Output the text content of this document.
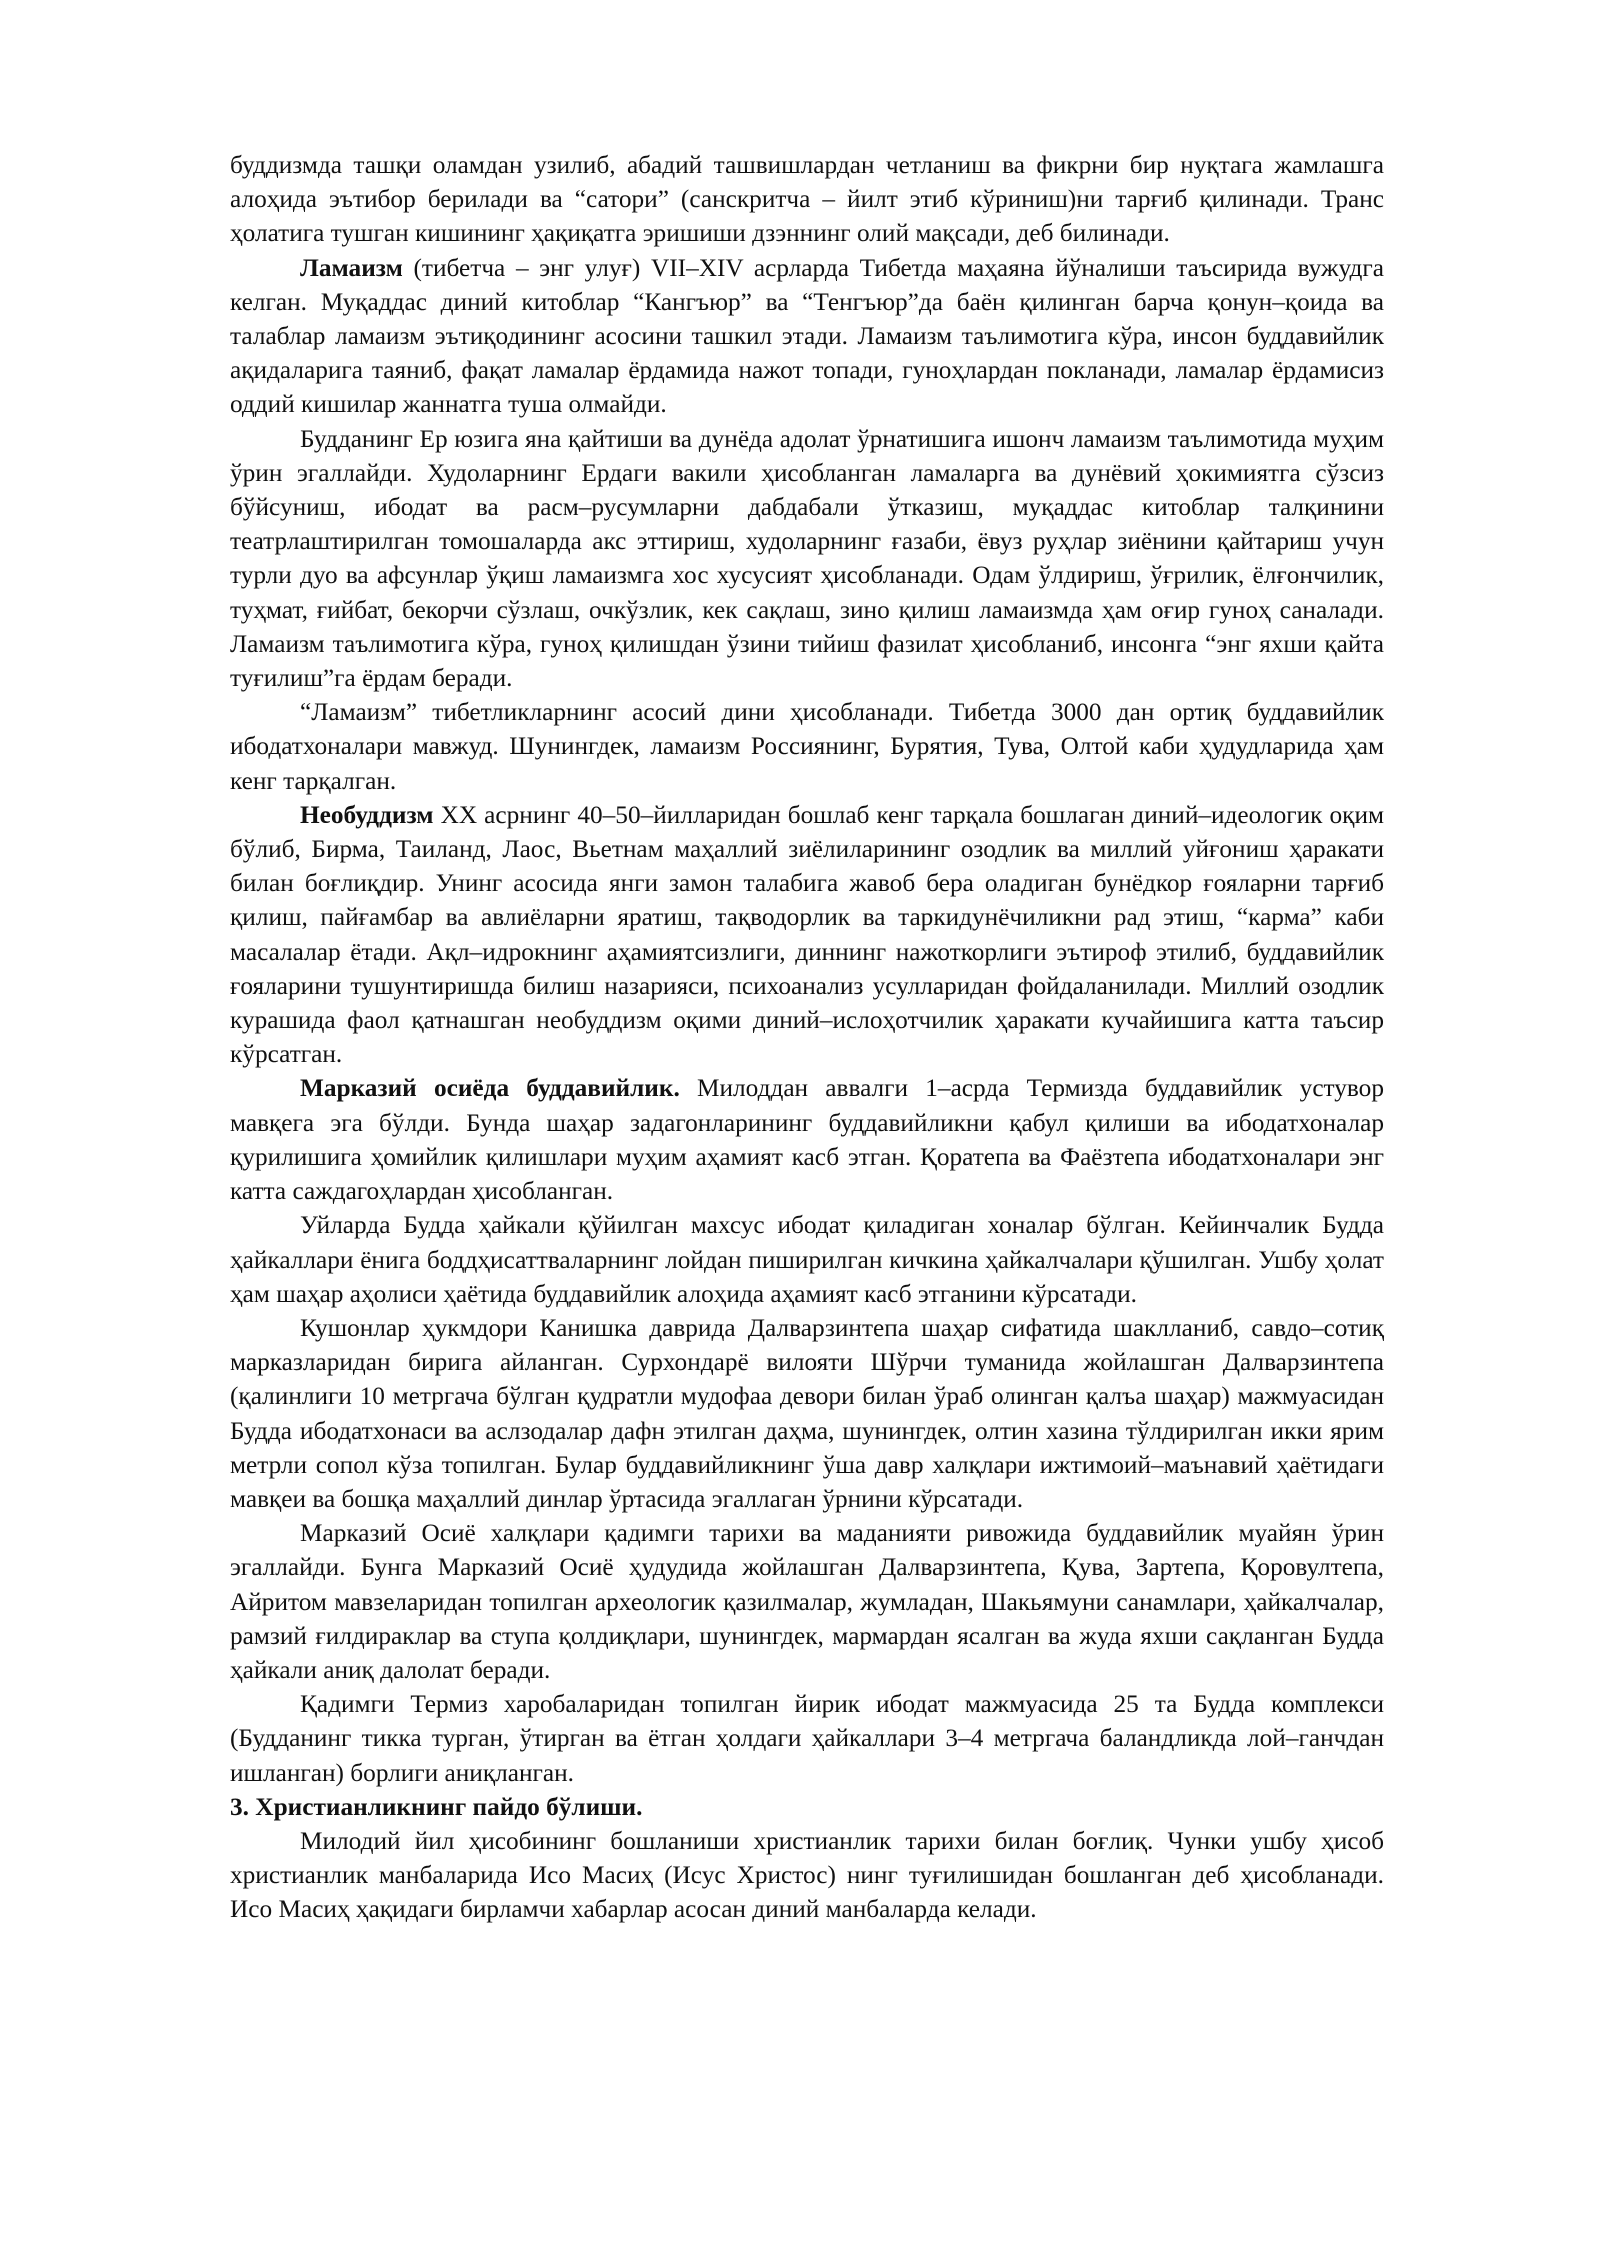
буддизмда ташқи оламдан узилиб, абадий ташвишлардан четланиш ва фикрни бир нуқтага жамлашга алоҳида эътибор берилади ва “сатори” (санскритча – йилт этиб кўриниш)ни тарғиб қилинади. Транс ҳолатига тушган кишининг ҳақиқатга эришиши дзэннинг олий мақсади, деб билинади.

Ламаизм (тибетча – энг улуғ) VII–XIV асрларда Тибетда маҳаяна йўналиши таъсирида вужудга келган. Муқаддас диний китоблар “Кангъюр” ва “Тенгъюр”да баён қилинган барча қонун–қоида ва талаблар ламаизм эътиқодининг асосини ташкил этади. Ламаизм таълимотига кўра, инсон буддавийлик ақидаларига таяниб, фақат ламалар ёрдамида нажот топади, гуноҳлардан покланади, ламалар ёрдамисиз оддий кишилар жаннатга туша олмайди.

Будданинг Ер юзига яна қайтиши ва дунёда адолат ўрнатишига ишонч ламаизм таълимотида муҳим ўрин эгаллайди. Худоларнинг Ердаги вакили ҳисобланган ламаларга ва дунёвий ҳокимиятга сўзсиз бўйсуниш, ибодат ва расм–русумларни дабдабали ўтказиш, муқаддас китоблар талқинини театрлаштирилган томошаларда акс эттириш, худоларнинг ғазаби, ёвуз руҳлар зиёнини қайтариш учун турли дуо ва афсунлар ўқиш ламаизмга хос хусусият ҳисобланади. Одам ўлдириш, ўғрилик, ёлғончилик, туҳмат, ғийбат, бекорчи сўзлаш, очкўзлик, кек сақлаш, зино қилиш ламаизмда ҳам оғир гуноҳ саналади. Ламаизм таълимотига кўра, гуноҳ қилишдан ўзини тийиш фазилат ҳисобланиб, инсонга “энг яхши қайта туғилиш”га ёрдам беради.

“Ламаизм” тибетликларнинг асосий дини ҳисобланади. Тибетда 3000 дан ортиқ буддавийлик ибодатхоналари мавжуд. Шунингдек, ламаизм Россиянинг, Бурятия, Тува, Олтой каби ҳудудларида ҳам кенг тарқалган.

Необуддизм XX асрнинг 40–50–йилларидан бошлаб кенг тарқала бошлаган диний–идеологик оқим бўлиб, Бирма, Таиланд, Лаос, Вьетнам маҳаллий зиёлиларининг озодлик ва миллий уйғониш ҳаракати билан боғлиқдир. Унинг асосида янги замон талабига жавоб бера оладиган бунёдкор ғояларни тарғиб қилиш, пайғамбар ва авлиёларни яратиш, тақводорлик ва таркидунёчиликни рад этиш, “карма” каби масалалар ётади. Ақл–идрокнинг аҳамиятсизлиги, диннинг нажоткорлиги эътироф этилиб, буддавийлик ғояларини тушунтиришда билиш назарияси, психоанализ усулларидан фойдаланилади. Миллий озодлик курашида фаол қатнашган необуддизм оқими диний–ислоҳотчилик ҳаракати кучайишига катта таъсир кўрсатган.

Марказий осиёда буддавийлик. Милоддан аввалги 1–асрда Термизда буддавийлик устувор мавқега эга бўлди. Бунда шаҳар задагонларининг буддавийликни қабул қилиши ва ибодатхоналар қурилишига ҳомийлик қилишлари муҳим аҳамият касб этган. Қоратепа ва Фаёзтепа ибодатхоналари энг катта саждагоҳлардан ҳисобланган.

Уйларда Будда ҳайкали қўйилган махсус ибодат қиладиган хоналар бўлган. Кейинчалик Будда ҳайкаллари ёнига боддҳисаттваларнинг лойдан пиширилган кичкина ҳайкалчалари қўшилган. Ушбу ҳолат ҳам шаҳар аҳолиси ҳаётида буддавийлик алоҳида аҳамият касб этганини кўрсатади.

Кушонлар ҳукмдори Канишка даврида Далварзинтепа шаҳар сифатида шаклланиб, савдо–сотиқ марказларидан бирига айланган. Сурхондарё вилояти Шўрчи туманида жойлашган Далварзинтепа (қалинлиги 10 метргача бўлган қудратли мудофаа девори билан ўраб олинган қалъа шаҳар) мажмуасидан Будда ибодатхонаси ва аслзодалар дафн этилган даҳма, шунингдек, олтин хазина тўлдирилган икки ярим метрли сопол кўза топилган. Булар буддавийликнинг ўша давр халқлари ижтимоий–маънавий ҳаётидаги мавқеи ва бошқа маҳаллий динлар ўртасида эгаллаган ўрнини кўрсатади.

Марказий Осиё халқлари қадимги тарихи ва маданияти ривожида буддавийлик муайян ўрин эгаллайди. Бунга Марказий Осиё ҳудудида жойлашган Далварзинтепа, Қува, Зартепа, Қоровултепа, Айритом мавзеларидан топилган археологик қазилмалар, жумладан, Шакьямуни санамлари, ҳайкалчалар, рамзий ғилдираклар ва ступа қолдиқлари, шунингдек, мармардан ясалган ва жуда яхши сақланган Будда ҳайкали аниқ далолат беради.

Қадимги Термиз харобаларидан топилган йирик ибодат мажмуасида 25 та Будда комплекси (Будданинг тикка турган, ўтирган ва ётган ҳолдаги ҳайкаллари 3–4 метргача баландликда лой–ганчдан ишланган) борлиги аниқланган.

3. Христианликнинг пайдо бўлиши.

Милодий йил ҳисобининг бошланиши христианлик тарихи билан боғлиқ. Чунки ушбу ҳисоб христианлик манбаларида Исо Масиҳ (Исус Христос) нинг туғилишидан бошланган деб ҳисобланади. Исо Масиҳ ҳақидаги бирламчи хабарлар асосан диний манбаларда келади.
